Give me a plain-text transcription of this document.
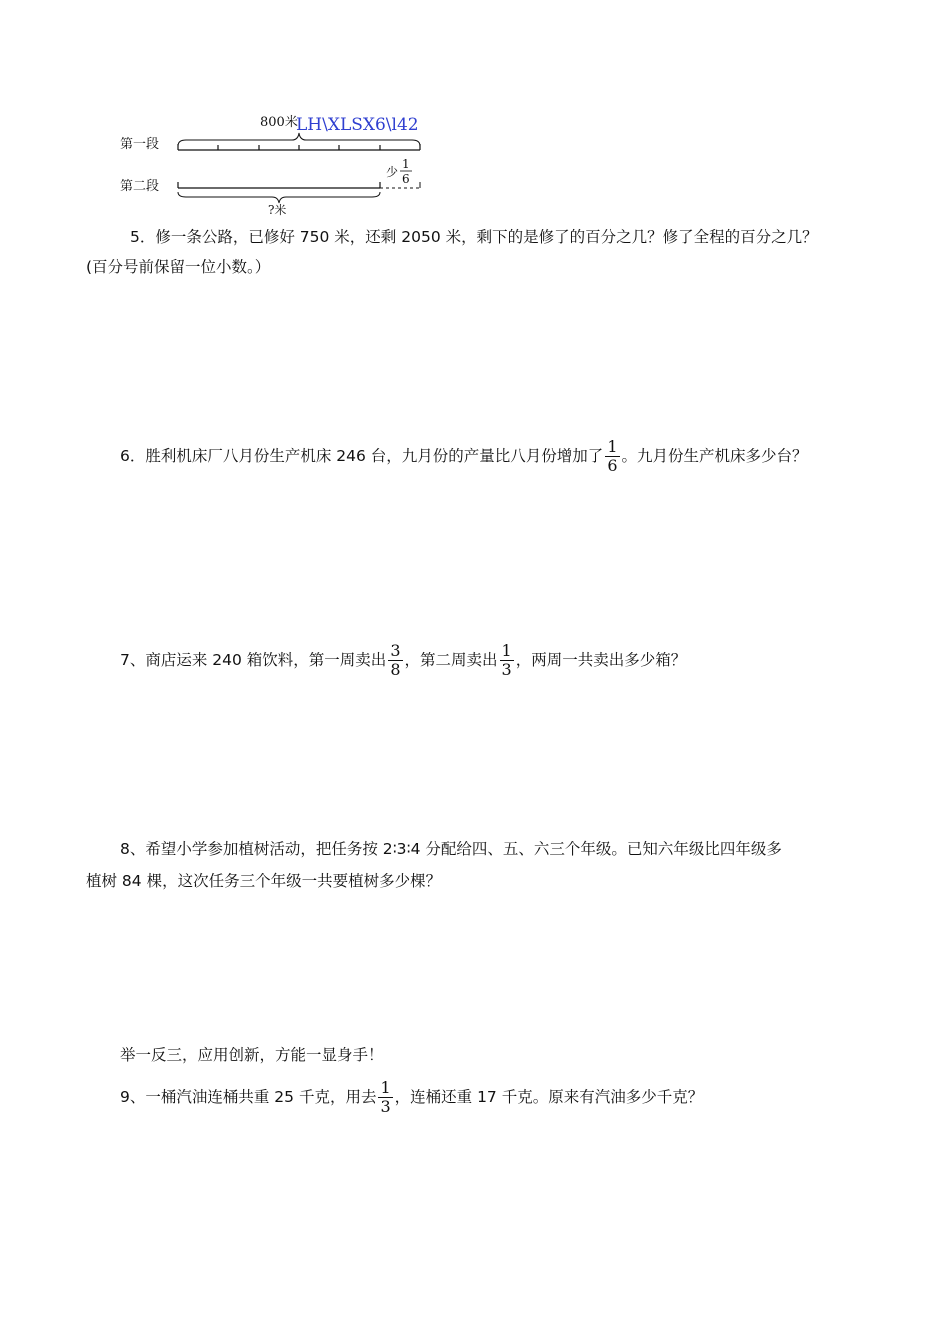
800米
LH\XLSX6\l42
第一段
第二段
少
1
6
?米
5．修一条公路，已修好 750 米，还剩 2050 米，剩下的是修了的百分之几？修了全程的百分之几？
(百分号前保留一位小数。）
6．胜利机床厂八月份生产机床 246 台，九月份的产量比八月份增加了 $\frac{1}{6}$ 。九月份生产机床多少台？
7、商店运来 240 箱饮料，第一周卖出 $\frac{3}{8}$ ，第二周卖出 $\frac{1}{3}$ ，两周一共卖出多少箱？
8、希望小学参加植树活动，把任务按 2∶3∶4 分配给四、五、六三个年级。已知六年级比四年级多
植树 84 棵，这次任务三个年级一共要植树多少棵？
举一反三，应用创新，方能一显身手！
9、一桶汽油连桶共重 25 千克，用去 $\frac{1}{3}$ ，连桶还重 17 千克。原来有汽油多少千克？
